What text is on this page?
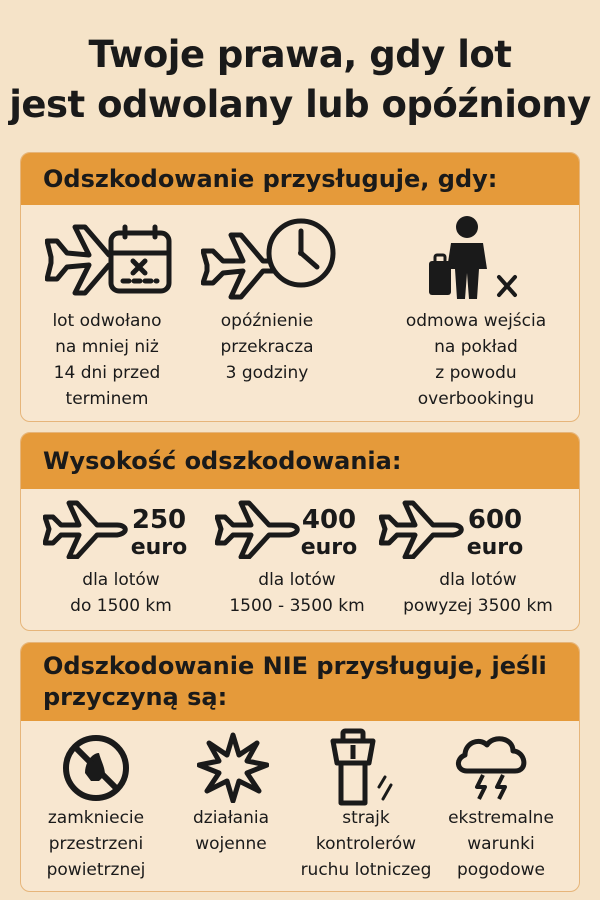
Twoje prawa, gdy lot
jest odwolany lub opóźniony
Odszkodowanie przysługuje, gdy:
lot odwołano
na mniej niż
14 dni przed
terminem
opóźnienie
przekracza
3 godziny
odmowa wejścia
na pokład
z powodu
overbookingu
Wysokość odszkodowania:
250
euro
dla lotów
do 1500 km
400
euro
dla lotów
1500 - 3500 km
600
euro
dla lotów
powyzej 3500 km
Odszkodowanie NIE przysługuje, jeśli
przyczyną są:
zamkniecie
przestrzeni
powietrznej
działania
wojenne
strajk
kontrolerów
ruchu lotniczeg
ekstremalne
warunki
pogodowe
